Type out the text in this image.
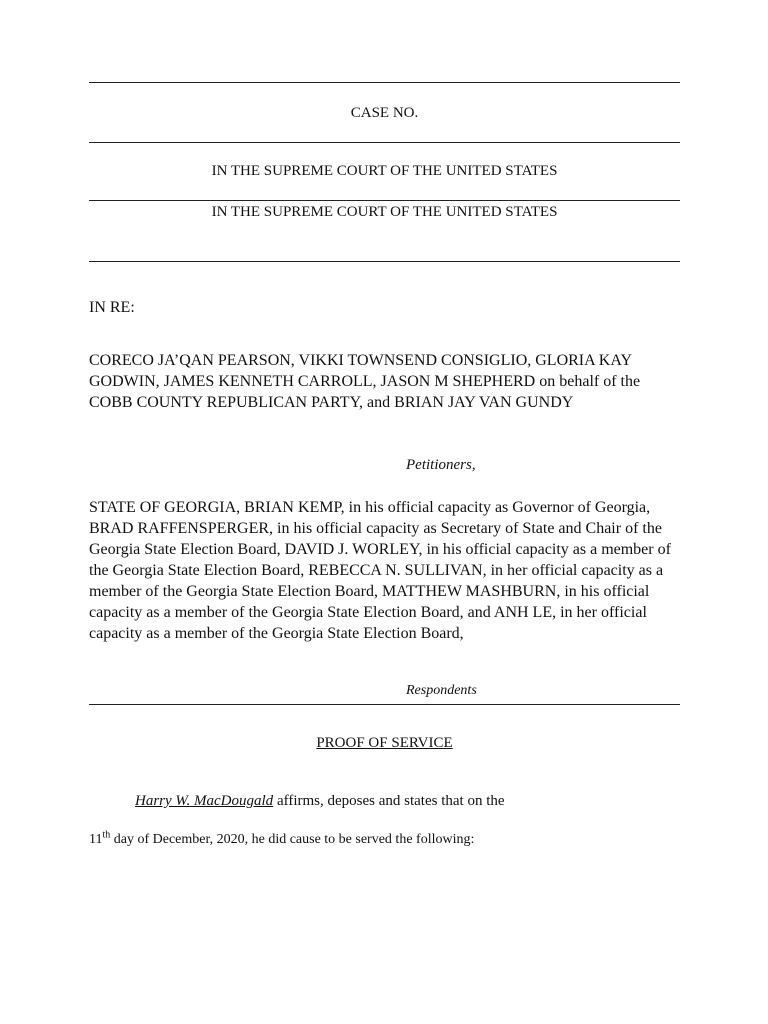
CASE NO.
IN THE SUPREME COURT OF THE UNITED STATES
IN THE SUPREME COURT OF THE UNITED STATES
IN RE:
CORECO JA’QAN PEARSON, VIKKI TOWNSEND CONSIGLIO, GLORIA KAY GODWIN, JAMES KENNETH CARROLL, JASON M SHEPHERD on behalf of the COBB COUNTY REPUBLICAN PARTY, and BRIAN JAY VAN GUNDY
Petitioners,
STATE OF GEORGIA, BRIAN KEMP, in his official capacity as Governor of Georgia, BRAD RAFFENSPERGER, in his official capacity as Secretary of State and Chair of the Georgia State Election Board, DAVID J. WORLEY, in his official capacity as a member of the Georgia State Election Board, REBECCA N. SULLIVAN, in her official capacity as a member of the Georgia State Election Board, MATTHEW MASHBURN, in his official capacity as a member of the Georgia State Election Board, and ANH LE, in her official capacity as a member of the Georgia State Election Board,
Respondents
PROOF OF SERVICE
Harry W. MacDougald affirms, deposes and states that on the
11th day of December, 2020, he did cause to be served the following:
